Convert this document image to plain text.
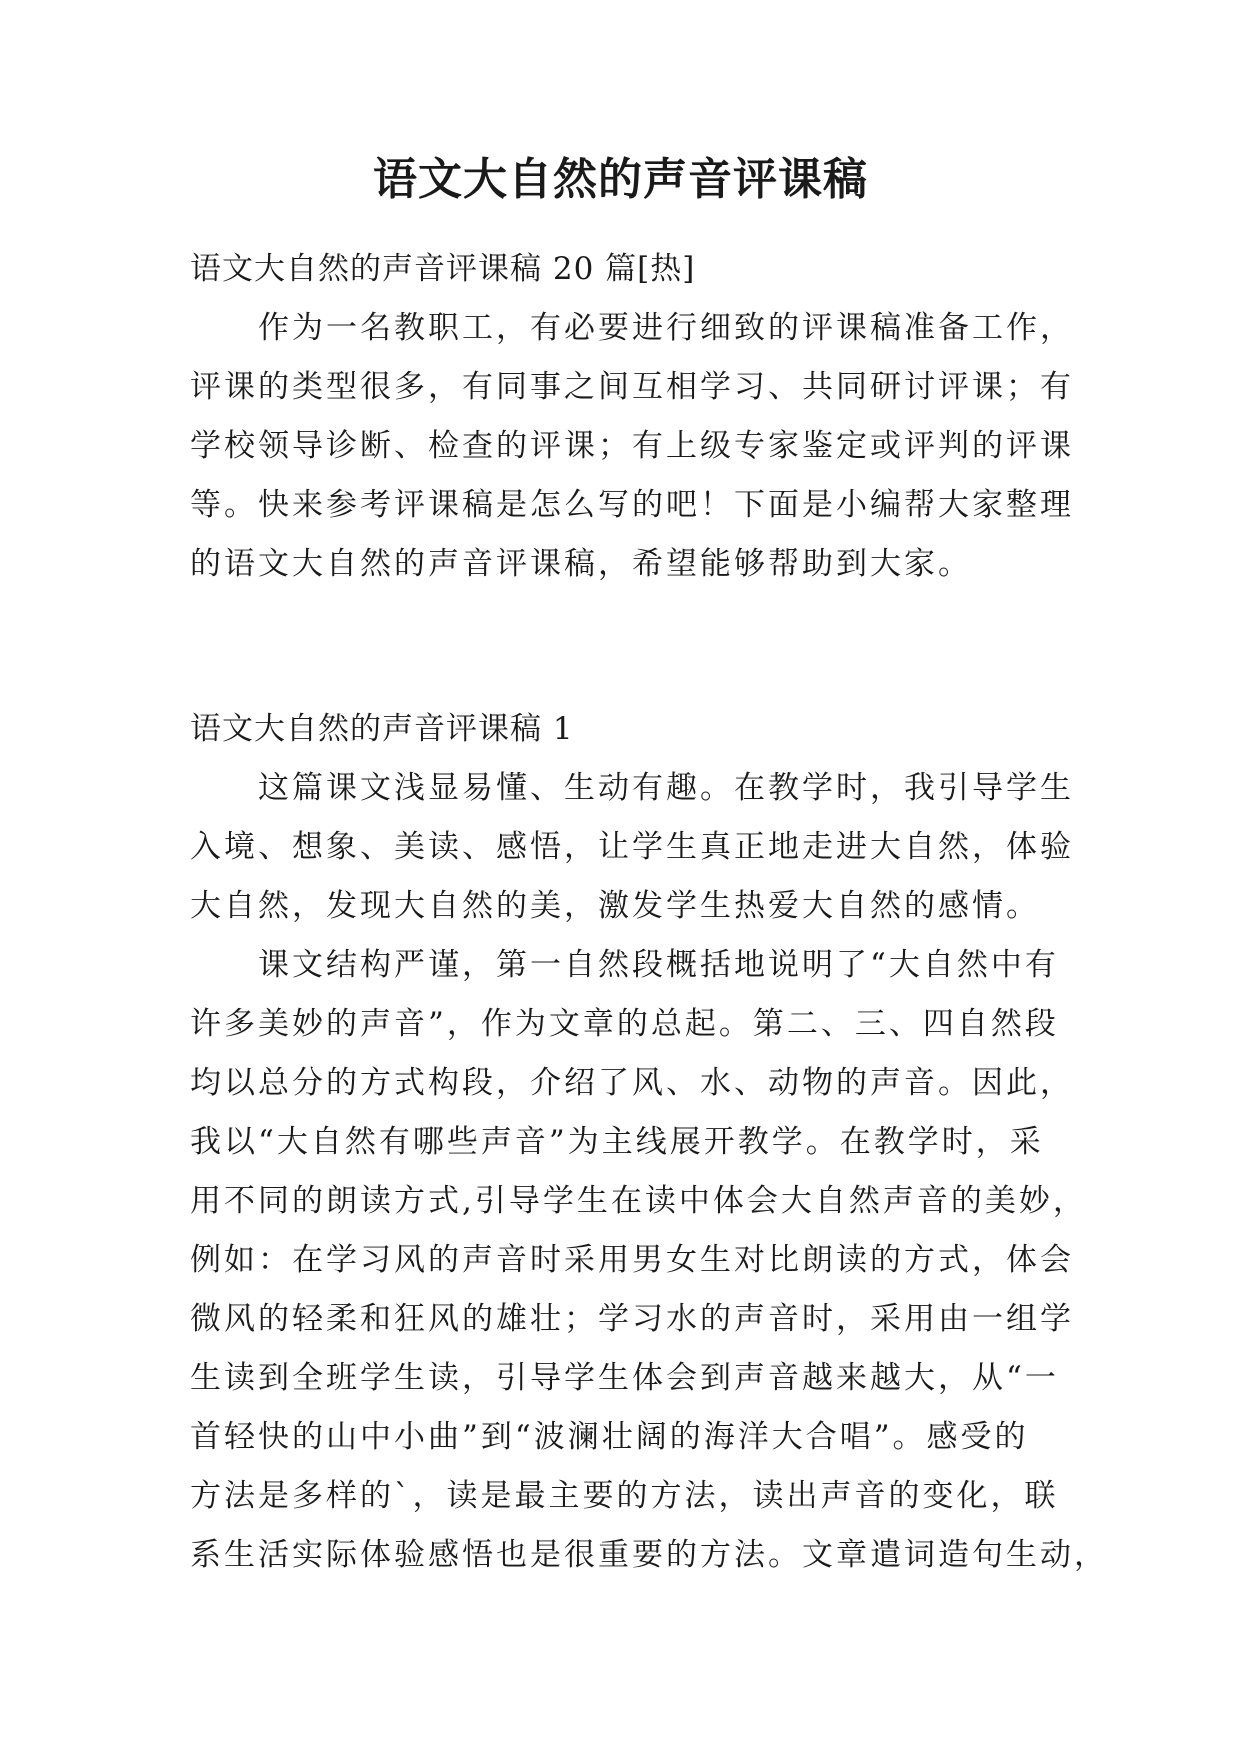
语文大自然的声音评课稿
语文大自然的声音评课稿 20 篇[热]
作为一名教职工，有必要进行细致的评课稿准备工作，
评课的类型很多，有同事之间互相学习、共同研讨评课；有
学校领导诊断、检查的评课；有上级专家鉴定或评判的评课
等。快来参考评课稿是怎么写的吧！下面是小编帮大家整理
的语文大自然的声音评课稿，希望能够帮助到大家。
语文大自然的声音评课稿 1
这篇课文浅显易懂、生动有趣。在教学时，我引导学生
入境、想象、美读、感悟，让学生真正地走进大自然，体验
大自然，发现大自然的美，激发学生热爱大自然的感情。
课文结构严谨，第一自然段概括地说明了“大自然中有
许多美妙的声音”，作为文章的总起。第二、三、四自然段
均以总分的方式构段，介绍了风、水、动物的声音。因此，
我以“大自然有哪些声音”为主线展开教学。在教学时，采
用不同的朗读方式,引导学生在读中体会大自然声音的美妙，
例如：在学习风的声音时采用男女生对比朗读的方式，体会
微风的轻柔和狂风的雄壮；学习水的声音时，采用由一组学
生读到全班学生读，引导学生体会到声音越来越大，从“一
首轻快的山中小曲”到“波澜壮阔的海洋大合唱”。感受的
方法是多样的`，读是最主要的方法，读出声音的变化，联
系生活实际体验感悟也是很重要的方法。文章遣词造句生动，
